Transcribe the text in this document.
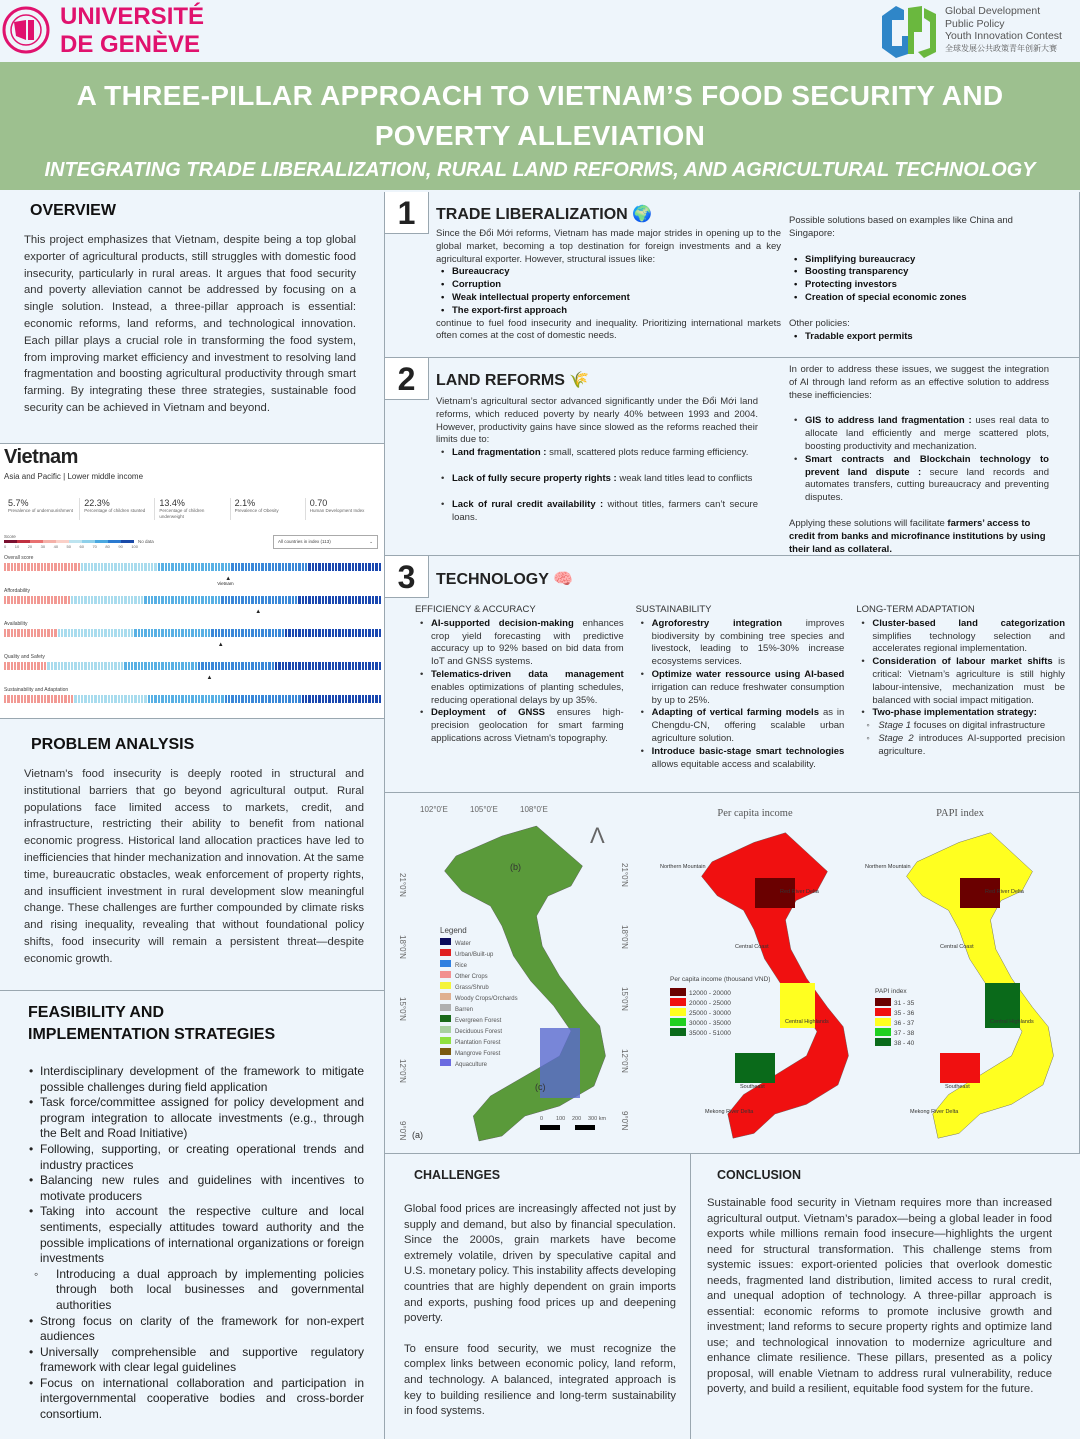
UNIVERSITÉ
DE GENÈVE
Global Development
Public Policy
Youth Innovation Contest
全球发展公共政策青年创新大赛
A THREE-PILLAR APPROACH TO VIETNAM’S FOOD SECURITY AND
POVERTY ALLEVIATION
INTEGRATING TRADE LIBERALIZATION, RURAL LAND REFORMS, AND AGRICULTURAL TECHNOLOGY
OVERVIEW

This project emphasizes that Vietnam, despite being a top global exporter of agricultural products, still struggles with domestic food insecurity, particularly in rural areas. It argues that food security and poverty alleviation cannot be addressed by focusing on a single solution. Instead, a three-pillar approach is essential: economic reforms, land reforms, and technological innovation. Each pillar plays a crucial role in transforming the food system, from improving market efficiency and investment to resolving land fragmentation and boosting agricultural productivity through smart farming. By integrating these three strategies, sustainable food security can be achieved in Vietnam and beyond.

Vietnam
Asia and Pacific | Lower middle income
5.7%
Prevalence of undernourishment
22.3%
Percentage of children stunted
13.4%
Percentage of children underweight
2.1%
Prevalence of Obesity
0.70
Human Development Index
Score
No data
0 10 20 30 40 50 60 70 80 90 100
All countries in index (113)	⌄
Overall score
▲
Vietnam
Affordability
▲
Availability
▲
Quality and Safety
▲
Sustainability and Adaptation
PROBLEM ANALYSIS

Vietnam's food insecurity is deeply rooted in structural and institutional barriers that go beyond agricultural output. Rural populations face limited access to markets, credit, and infrastructure, restricting their ability to benefit from national economic progress. Historical land allocation practices have led to inefficiencies that hinder mechanization and innovation. At the same time, bureaucratic obstacles, weak enforcement of property rights, and insufficient investment in rural development slow meaningful change. These challenges are further compounded by climate risks and rising inequality, revealing that without foundational policy shifts, food insecurity will remain a persistent threat—despite economic growth.

FEASIBILITY AND
IMPLEMENTATION STRATEGIES
• Interdisciplinary development of the framework to mitigate possible challenges during field application
• Task force/committee assigned for policy development and program integration to allocate investments (e.g., through the Belt and Road Initiative)
• Following, supporting, or creating operational trends and industry practices
• Balancing new rules and guidelines with incentives to motivate producers
• Taking into account the respective culture and local sentiments, especially attitudes toward authority and the possible implications of international organizations or foreign investments
◦ Introducing a dual approach by implementing policies through both local businesses and governmental authorities
• Strong focus on clarity of the framework for non-expert audiences
• Universally comprehensible and supportive regulatory framework with clear legal guidelines
• Focus on international collaboration and participation in intergovernmental cooperative bodies and cross-border consortium.
1	TRADE LIBERALIZATION 🌍

Since the Đổi Mới reforms, Vietnam has made major strides in opening up to the global market, becoming a top destination for foreign investments and a key agricultural exporter. However, structural issues like:

• Bureaucracy
• Corruption
• Weak intellectual property enforcement
• The export-first approach

continue to fuel food insecurity and inequality. Prioritizing international markets often comes at the cost of domestic needs.

Possible solutions based on examples like China and Singapore:

• Simplifying bureaucracy
• Boosting transparency
• Protecting investors
• Creation of special economic zones

Other policies:

• Tradable export permits
2	LAND REFORMS 🌾

Vietnam’s agricultural sector advanced significantly under the Đổi Mới land reforms, which reduced poverty by nearly 40% between 1993 and 2004. However, productivity gains have since slowed as the reforms reached their limits due to:

• Land fragmentation : small, scattered plots reduce farming efficiency.
• Lack of fully secure property rights : weak land titles lead to conflicts
• Lack of rural credit availability : without titles, farmers can’t secure loans.

In order to address these issues, we suggest the integration of AI through land reform as an effective solution to address these inefficiencies:

• GIS to address land fragmentation : uses real data to allocate land efficiently and merge scattered plots, boosting productivity and mechanization.
• Smart contracts and Blockchain technology to prevent land dispute : secure land records and automates transfers, cutting bureaucracy and preventing disputes.

Applying these solutions will facilitate farmers’ access to credit from banks and microfinance institutions by using their land as collateral.

3	TECHNOLOGY 🧠
EFFICIENCY & ACCURACY
• AI-supported decision-making enhances crop yield forecasting with predictive accuracy up to 92% based on bid data from IoT and GNSS systems.
• Telematics-driven data management enables optimizations of planting schedules, reducing operational delays by up 35%.
• Deployment of GNSS ensures high-precision geolocation for smart farming applications across Vietnam's topography.
SUSTAINABILITY
• Agroforestry integration improves biodiversity by combining tree species and livestock, leading to 15%-30% increase ecosystems services.
• Optimize water ressource using AI-based irrigation can reduce freshwater consumption by up to 25%.
• Adapting of vertical farming models as in Chengdu-CN, offering scalable urban agriculture solution.
• Introduce basic-stage smart technologies allows equitable access and scalability.
LONG-TERM ADAPTATION
• Cluster-based land categorization simplifies technology selection and accelerates regional implementation.
• Consideration of labour market shifts is critical: Vietnam’s agriculture is still highly labour-intensive, mechanization must be balanced with social impact mitigation.
• Two-phase implementation strategy:
◦ Stage 1 focuses on digital infrastructure
◦ Stage 2 introduces AI-supported precision agriculture.
102°0'E	105°0'E	108°0'E
21°0'N	21°0'N
18°0'N	18°0'N
15°0'N	15°0'N
12°0'N	12°0'N
9°0'N
9°0'N
Λ
Legend
Water
Urban/Built-up
Rice
Other Crops
Grass/Shrub
Woody Crops/Orchards
Barren
Evergreen Forest
Deciduous Forest
Plantation Forest
Mangrove Forest
Aquaculture
(b)
(c)
(a)
0 100 200 300 km
Per capita income
Per capita income (thousand VND)
12000 - 20000
20000 - 25000
25000 - 30000
30000 - 35000
35000 - 51000
Northern Mountain
Red River Delta
Central Coast
Central Highlands
Southeast
Mekong River Delta
PAPI index
PAPI index
31 - 35
35 - 36
36 - 37
37 - 38
38 - 40
Northern Mountain
Red River Delta
Central Coast
Central Highlands
Southeast
Mekong River Delta
CHALLENGES

Global food prices are increasingly affected not just by supply and demand, but also by financial speculation. Since the 2000s, grain markets have become extremely volatile, driven by speculative capital and U.S. monetary policy. This instability affects developing countries that are highly dependent on grain imports and exports, pushing food prices up and deepening poverty.

To ensure food security, we must recognize the complex links between economic policy, land reform, and technology. A balanced, integrated approach is key to building resilience and long-term sustainability in food systems.

CONCLUSION

Sustainable food security in Vietnam requires more than increased agricultural output. Vietnam’s paradox—being a global leader in food exports while millions remain food insecure—highlights the urgent need for structural transformation. This challenge stems from systemic issues: export-oriented policies that overlook domestic needs, fragmented land distribution, limited access to rural credit, and unequal adoption of technology. A three-pillar approach is essential: economic reforms to promote inclusive growth and investment; land reforms to secure property rights and optimize land use; and technological innovation to modernize agriculture and enhance climate resilience. These pillars, presented as a policy proposal, will enable Vietnam to address rural vulnerability, reduce poverty, and build a resilient, equitable food system for the future.
